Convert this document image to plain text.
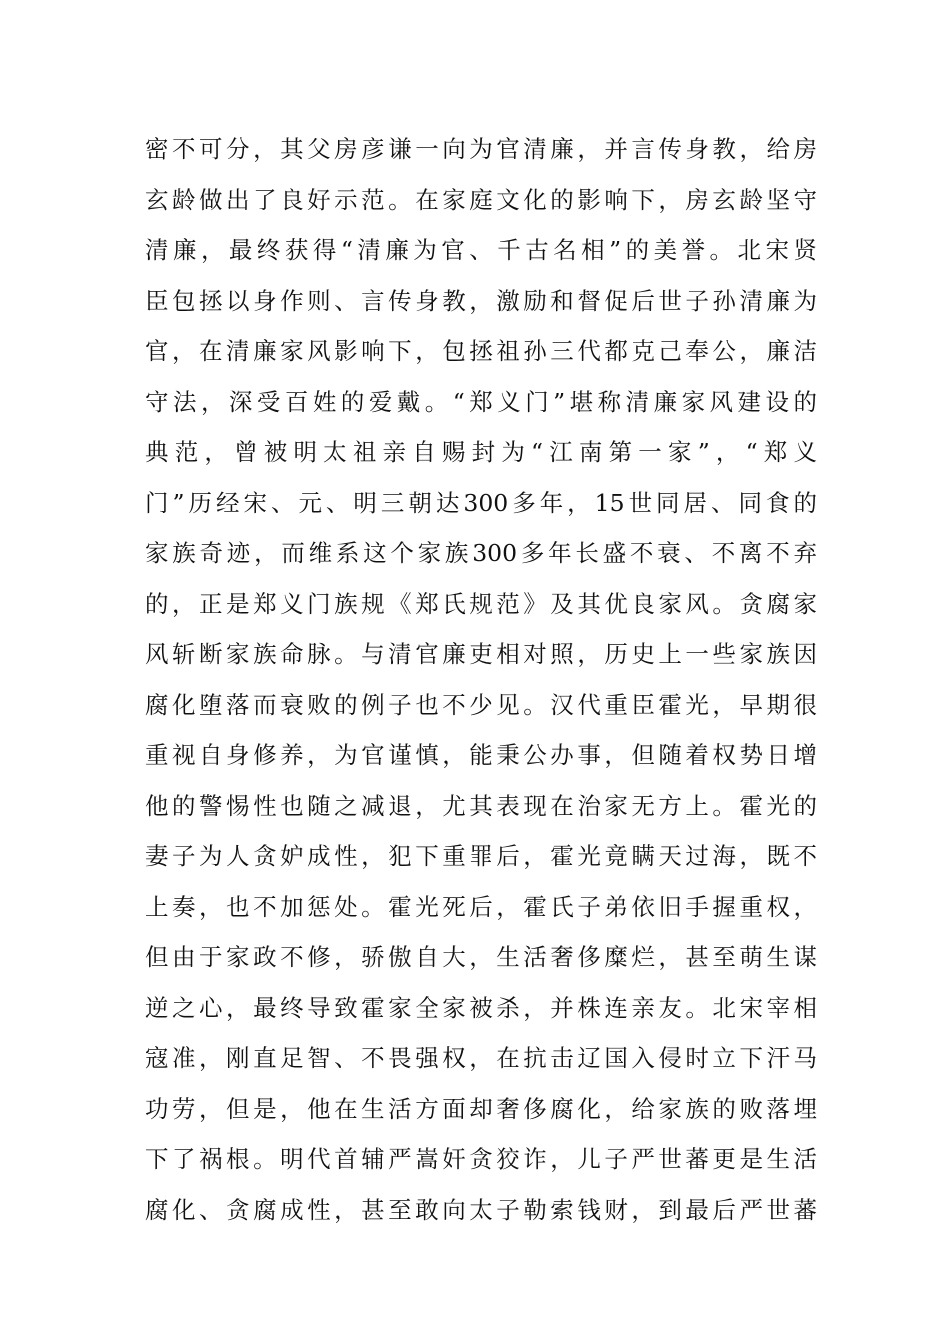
密不可分，其父房彦谦一向为官清廉，并言传身教，给房
玄龄做出了良好示范。在家庭文化的影响下，房玄龄坚守
清廉，最终获得“清廉为官、千古名相”的美誉。北宋贤
臣包拯以身作则、言传身教，激励和督促后世子孙清廉为
官，在清廉家风影响下，包拯祖孙三代都克己奉公，廉洁
守法，深受百姓的爱戴。“郑义门”堪称清廉家风建设的
典范，曾被明太祖亲自赐封为“江南第一家”，“郑义
门”历经宋、元、明三朝达300多年，15世同居、同食的
家族奇迹，而维系这个家族300多年长盛不衰、不离不弃
的，正是郑义门族规《郑氏规范》及其优良家风。贪腐家
风斩断家族命脉。与清官廉吏相对照，历史上一些家族因
腐化堕落而衰败的例子也不少见。汉代重臣霍光，早期很
重视自身修养，为官谨慎，能秉公办事，但随着权势日增
他的警惕性也随之减退，尤其表现在治家无方上。霍光的
妻子为人贪妒成性，犯下重罪后，霍光竟瞒天过海，既不
上奏，也不加惩处。霍光死后，霍氏子弟依旧手握重权，
但由于家政不修，骄傲自大，生活奢侈糜烂，甚至萌生谋
逆之心，最终导致霍家全家被杀，并株连亲友。北宋宰相
寇准，刚直足智、不畏强权，在抗击辽国入侵时立下汗马
功劳，但是，他在生活方面却奢侈腐化，给家族的败落埋
下了祸根。明代首辅严嵩奸贪狡诈，儿子严世蕃更是生活
腐化、贪腐成性，甚至敢向太子勒索钱财，到最后严世蕃
